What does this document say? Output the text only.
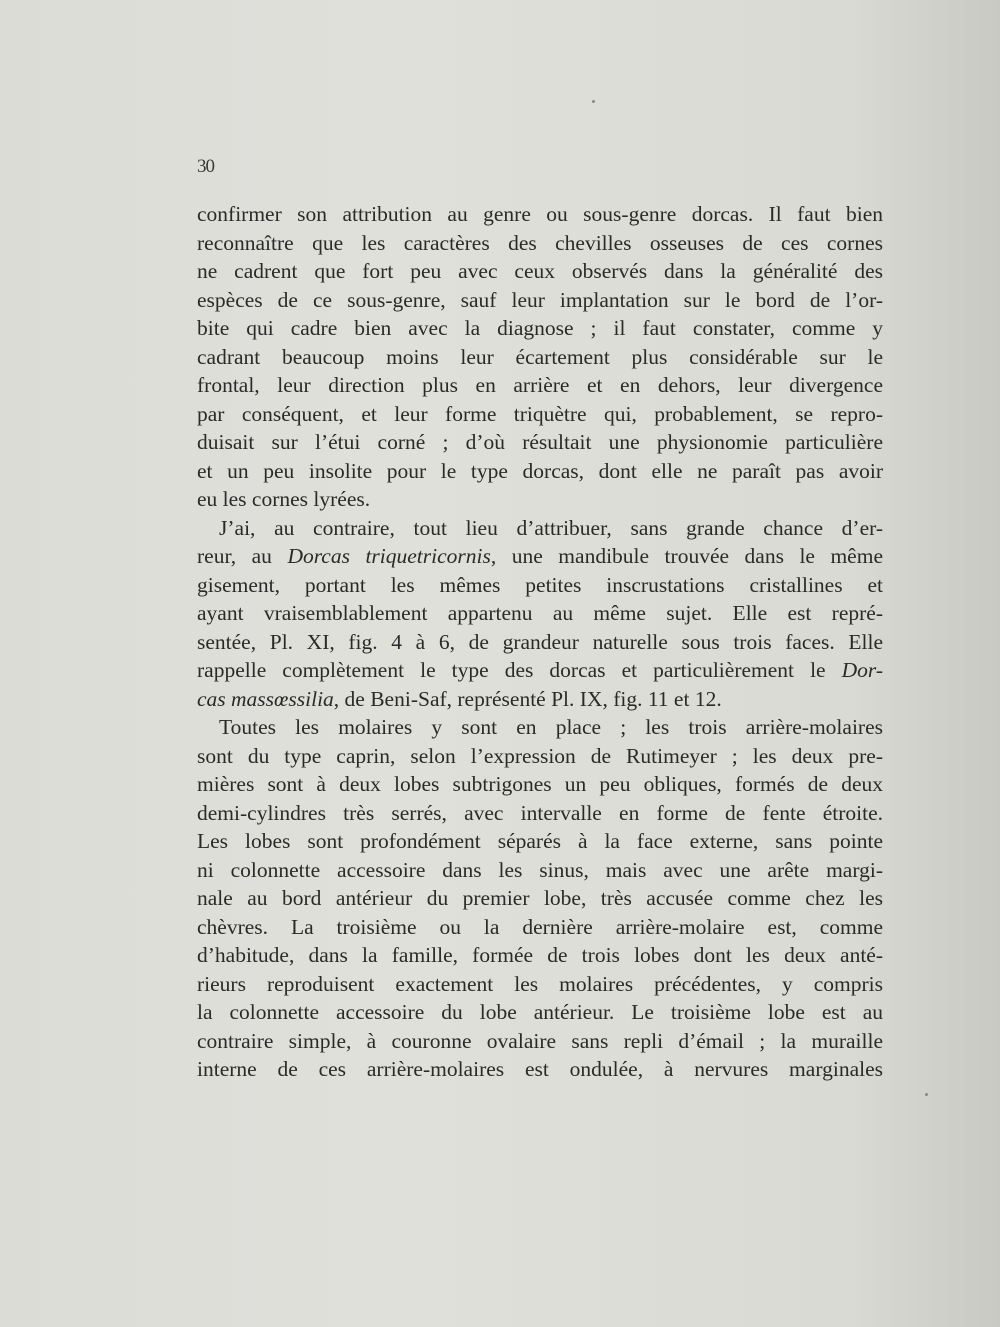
30
confirmer son attribution au genre ou sous-genre dorcas. Il faut bien
reconnaître que les caractères des chevilles osseuses de ces cornes
ne cadrent que fort peu avec ceux observés dans la généralité des
espèces de ce sous-genre, sauf leur implantation sur le bord de l’or-
bite qui cadre bien avec la diagnose ; il faut constater, comme y
cadrant beaucoup moins leur écartement plus considérable sur le
frontal, leur direction plus en arrière et en dehors, leur divergence
par conséquent, et leur forme triquètre qui, probablement, se repro-
duisait sur l’étui corné ; d’où résultait une physionomie particulière
et un peu insolite pour le type dorcas, dont elle ne paraît pas avoir
eu les cornes lyrées.
J’ai, au contraire, tout lieu d’attribuer, sans grande chance d’er-
reur, au Dorcas triquetricornis, une mandibule trouvée dans le même
gisement, portant les mêmes petites inscrustations cristallines et
ayant vraisemblablement appartenu au même sujet. Elle est repré-
sentée, Pl. XI, fig. 4 à 6, de grandeur naturelle sous trois faces. Elle
rappelle complètement le type des dorcas et particulièrement le Dor-
cas massœssilia, de Beni-Saf, représenté Pl. IX, fig. 11 et 12.
Toutes les molaires y sont en place ; les trois arrière-molaires
sont du type caprin, selon l’expression de Rutimeyer ; les deux pre-
mières sont à deux lobes subtrigones un peu obliques, formés de deux
demi-cylindres très serrés, avec intervalle en forme de fente étroite.
Les lobes sont profondément séparés à la face externe, sans pointe
ni colonnette accessoire dans les sinus, mais avec une arête margi-
nale au bord antérieur du premier lobe, très accusée comme chez les
chèvres. La troisième ou la dernière arrière-molaire est, comme
d’habitude, dans la famille, formée de trois lobes dont les deux anté-
rieurs reproduisent exactement les molaires précédentes, y compris
la colonnette accessoire du lobe antérieur. Le troisième lobe est au
contraire simple, à couronne ovalaire sans repli d’émail ; la muraille
interne de ces arrière-molaires est ondulée, à nervures marginales
